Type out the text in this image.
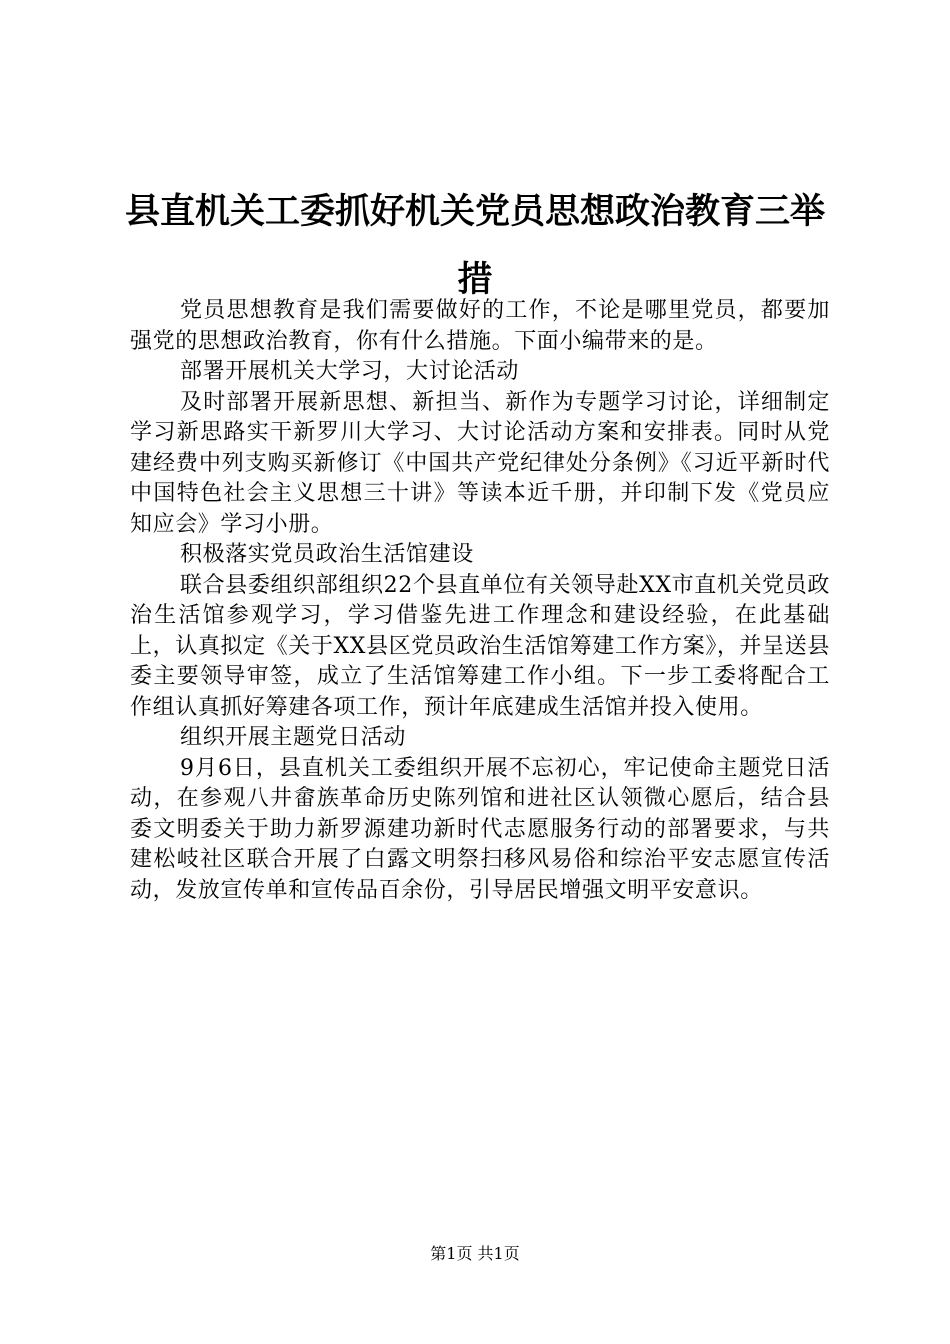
县直机关工委抓好机关党员思想政治教育三举措

党员思想教育是我们需要做好的工作，不论是哪里党员，都要加强党的思想政治教育，你有什么措施。下面小编带来的是。

部署开展机关大学习，大讨论活动

及时部署开展新思想、新担当、新作为专题学习讨论，详细制定学习新思路实干新罗川大学习、大讨论活动方案和安排表。同时从党建经费中列支购买新修订《中国共产党纪律处分条例》《习近平新时代中国特色社会主义思想三十讲》等读本近千册，并印制下发《党员应知应会》学习小册。

积极落实党员政治生活馆建设

联合县委组织部组织22个县直单位有关领导赴XX市直机关党员政治生活馆参观学习，学习借鉴先进工作理念和建设经验，在此基础上，认真拟定《关于XX县区党员政治生活馆筹建工作方案》，并呈送县委主要领导审签，成立了生活馆筹建工作小组。下一步工委将配合工作组认真抓好筹建各项工作，预计年底建成生活馆并投入使用。

组织开展主题党日活动

9月6日，县直机关工委组织开展不忘初心，牢记使命主题党日活动，在参观八井畲族革命历史陈列馆和进社区认领微心愿后，结合县委文明委关于助力新罗源建功新时代志愿服务行动的部署要求，与共建松岐社区联合开展了白露文明祭扫移风易俗和综治平安志愿宣传活动，发放宣传单和宣传品百余份，引导居民增强文明平安意识。

第1页 共1页
